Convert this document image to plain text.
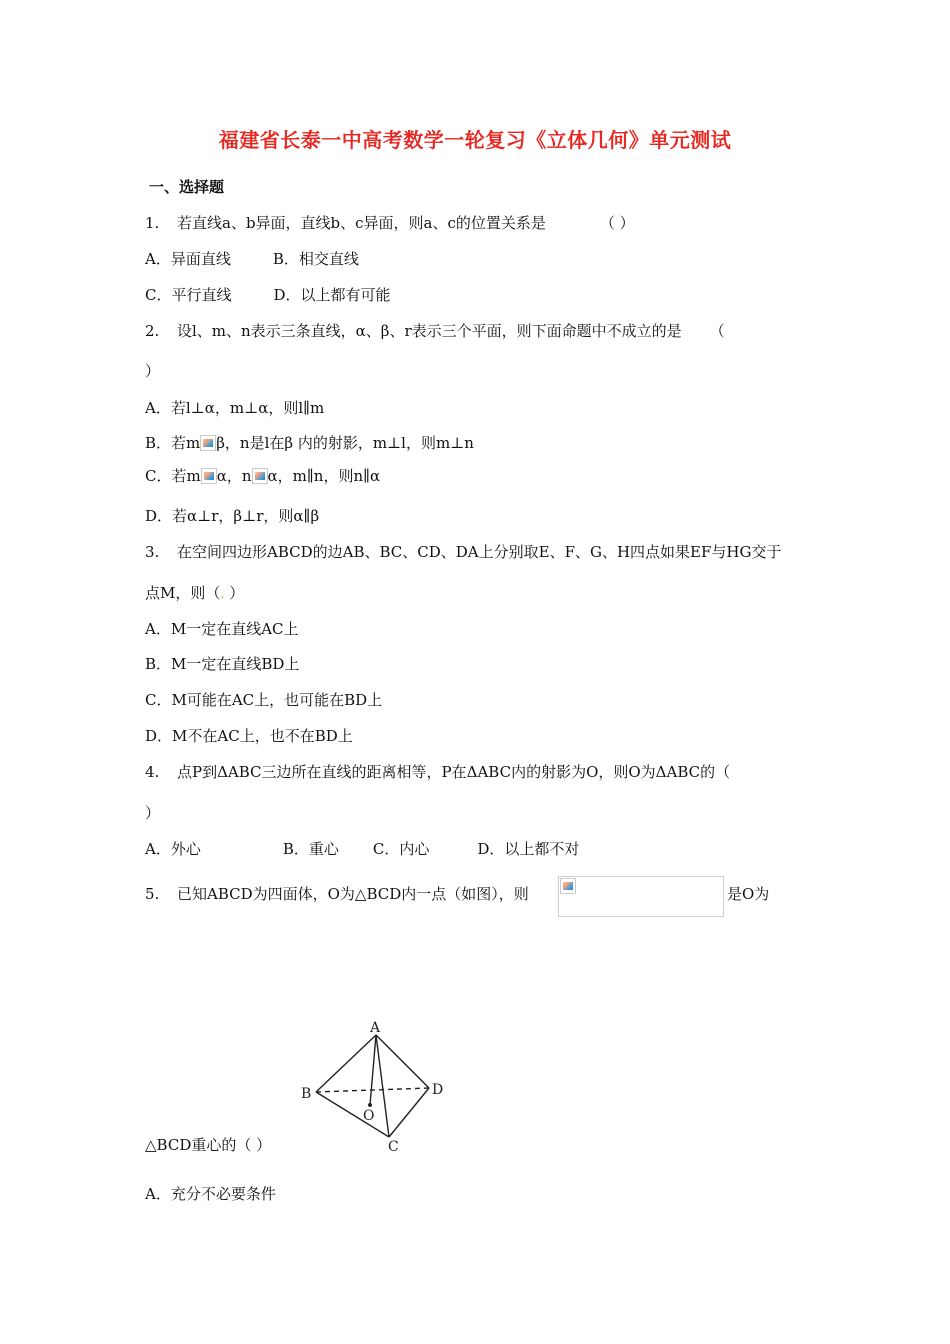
福建省长泰一中高考数学一轮复习《立体几何》单元测试
一、选择题
1. 若直线a、b异面，直线b、c异面，则a、c的位置关系是	（ ）
A．异面直线	B．相交直线
C．平行直线	D．以上都有可能
2. 设l、m、n表示三条直线，α、β、r表示三个平面，则下面命题中不成立的是 （
）
A．若l⊥α，m⊥α，则l∥m
B．若m β，n是l在β 内的射影，m⊥l，则m⊥n
C．若m α，n α，m∥n，则n∥α
D．若α⊥r，β⊥r，则α∥β
3. 在空间四边形ABCD的边AB、BC、CD、DA上分别取E、F、G、H四点如果EF与HG交于
点M，则（. ）
A．M一定在直线AC上
B．M一定在直线BD上
C．M可能在AC上，也可能在BD上
D．M不在AC上，也不在BD上
4. 点P到ΔABC三边所在直线的距离相等，P在ΔABC内的射影为O，则O为ΔABC的（
）
A．外心	B．重心 C．内心	D．以上都不对
5. 已知ABCD为四面体，O为△BCD内一点（如图），则	是O为
A
B	D
O
C
△BCD重心的（ ）
A．充分不必要条件
